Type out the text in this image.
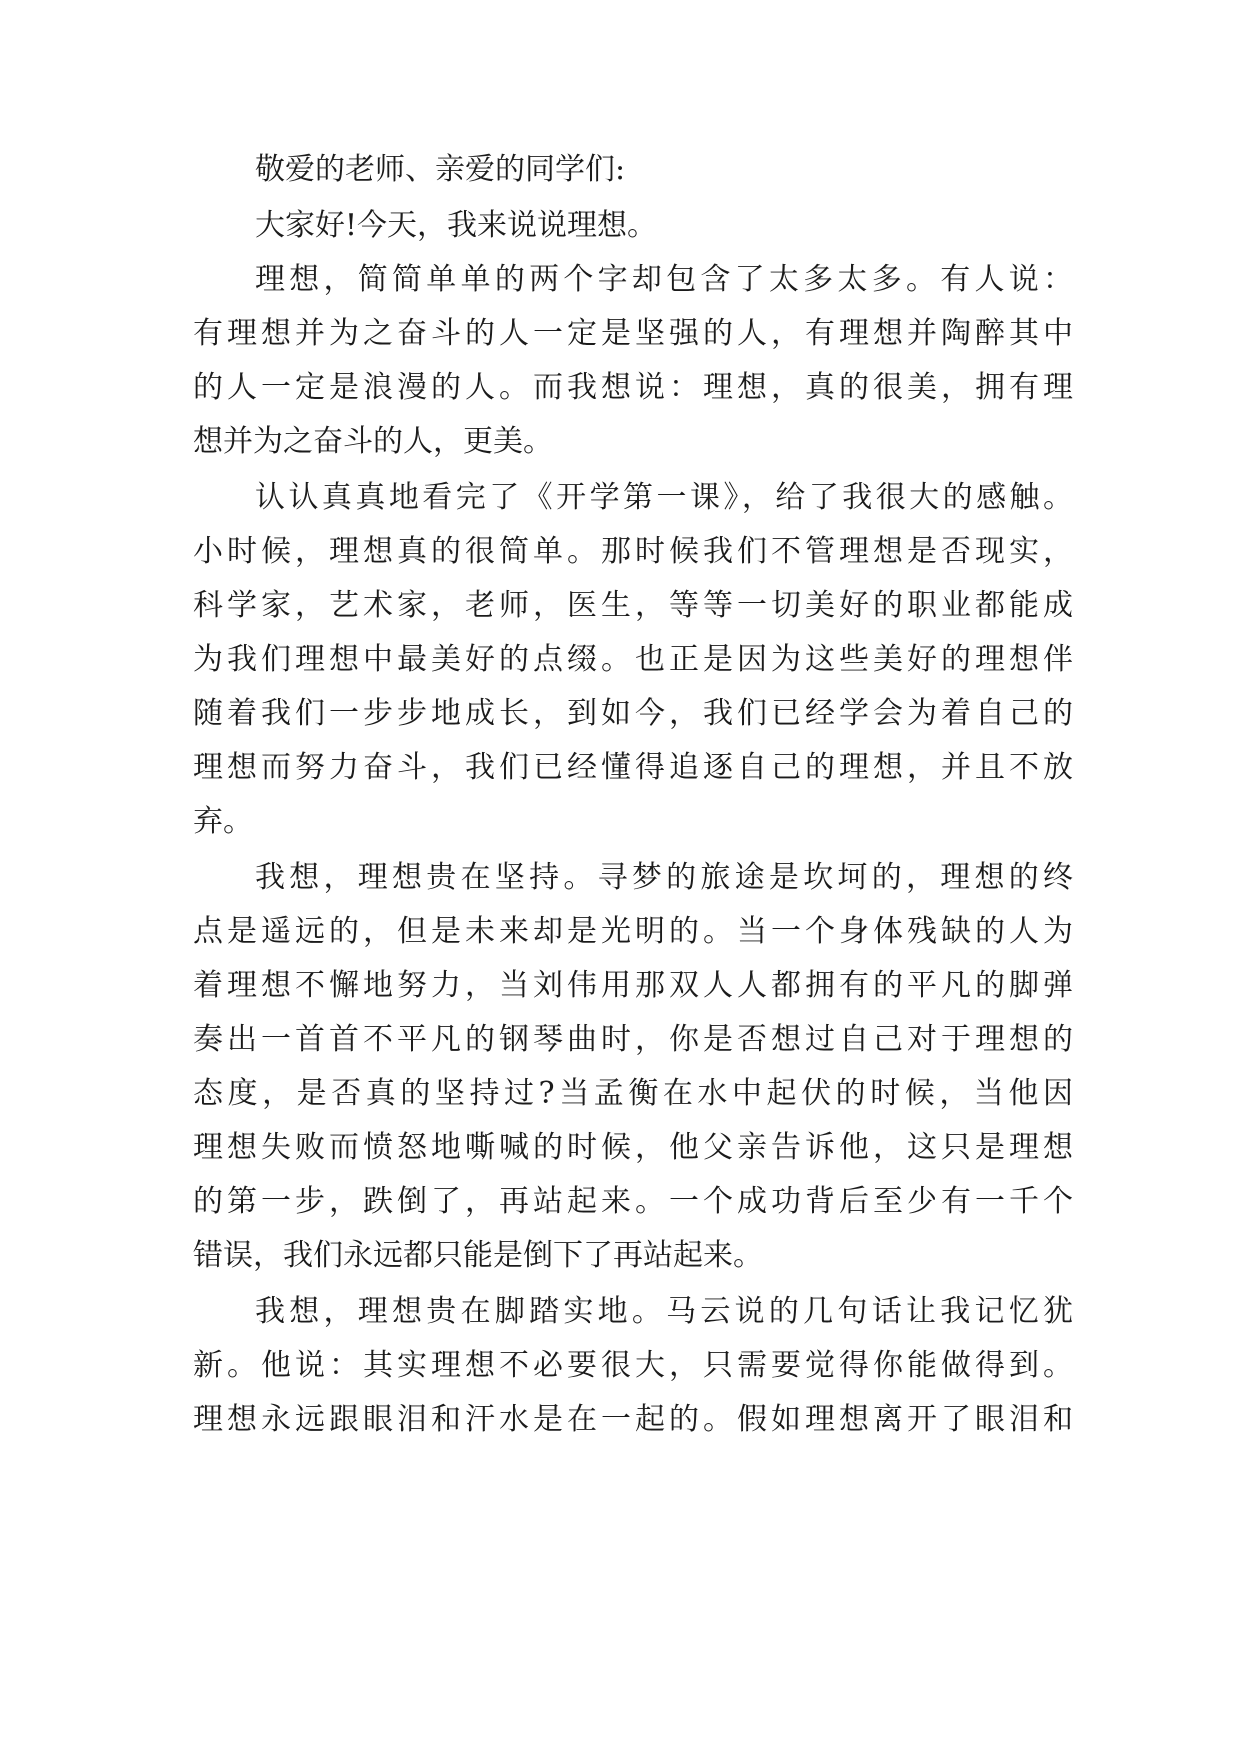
敬爱的老师、亲爱的同学们:
大家好!今天，我来说说理想。
理想，简简单单的两个字却包含了太多太多。有人说：
有理想并为之奋斗的人一定是坚强的人，有理想并陶醉其中
的人一定是浪漫的人。而我想说：理想，真的很美，拥有理
想并为之奋斗的人，更美。
认认真真地看完了《开学第一课》，给了我很大的感触。
小时候，理想真的很简单。那时候我们不管理想是否现实，
科学家，艺术家，老师，医生，等等一切美好的职业都能成
为我们理想中最美好的点缀。也正是因为这些美好的理想伴
随着我们一步步地成长，到如今，我们已经学会为着自己的
理想而努力奋斗，我们已经懂得追逐自己的理想，并且不放
弃。
我想，理想贵在坚持。寻梦的旅途是坎坷的，理想的终
点是遥远的，但是未来却是光明的。当一个身体残缺的人为
着理想不懈地努力，当刘伟用那双人人都拥有的平凡的脚弹
奏出一首首不平凡的钢琴曲时，你是否想过自己对于理想的
态度，是否真的坚持过?当孟衡在水中起伏的时候，当他因
理想失败而愤怒地嘶喊的时候，他父亲告诉他，这只是理想
的第一步，跌倒了，再站起来。一个成功背后至少有一千个
错误，我们永远都只能是倒下了再站起来。
我想，理想贵在脚踏实地。马云说的几句话让我记忆犹
新。他说：其实理想不必要很大，只需要觉得你能做得到。
理想永远跟眼泪和汗水是在一起的。假如理想离开了眼泪和
